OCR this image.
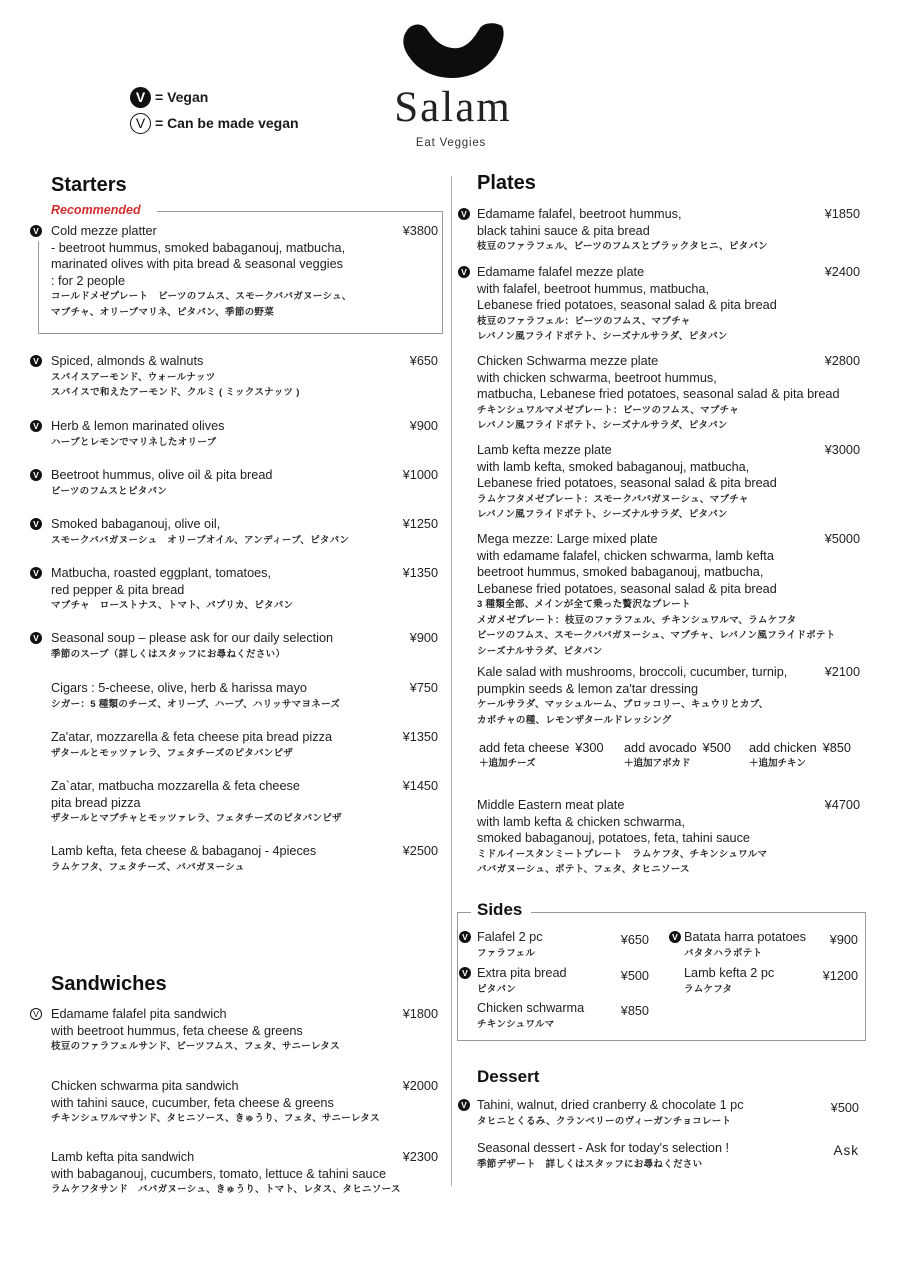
V = Vegan
V = Can be made vegan Salam
Eat Veggies
Starters
Recommended
V Cold mezze platter
- beetroot hummus, smoked babaganouj, matbucha,
marinated olives with pita bread & seasonal veggies
: for 2 people
コールドメゼプレート　ビーツのフムス、スモークババガヌーシュ、
マブチャ、オリーブマリネ、ピタパン、季節の野菜
¥3800
V Spiced, almonds & walnuts
スパイスアーモンド、ウォールナッツ
スパイスで和えたアーモンド、クルミ ( ミックスナッツ )
¥650
V Herb & lemon marinated olives
ハーブとレモンでマリネしたオリーブ
¥900
V Beetroot hummus, olive oil & pita bread
ビーツのフムスとピタパン
¥1000
V Smoked babaganouj, olive oil,
スモークババガヌーシュ　オリーブオイル、アンディーブ、ピタパン
¥1250
V Matbucha, roasted eggplant, tomatoes,
red pepper & pita bread
マブチャ　ローストナス、トマト、パプリカ、ピタパン
¥1350
V Seasonal soup – please ask for our daily selection
季節のスープ（詳しくはスタッフにお尋ねください）
¥900
Cigars : 5-cheese, olive, herb & harissa mayo
シガー：5 種類のチーズ、オリーブ、ハーブ、ハリッサマヨネーズ
¥750
Za'atar, mozzarella & feta cheese pita bread pizza
ザタールとモッツァレラ、フェタチーズのピタパンピザ
¥1350
Za`atar, matbucha mozzarella & feta cheese
pita bread pizza
ザタールとマブチャとモッツァレラ、フェタチーズのピタパンピザ
¥1450
Lamb kefta, feta cheese & babaganoj - 4pieces
ラムケフタ、フェタチーズ、ババガヌーシュ
¥2500
Sandwiches
V Edamame falafel pita sandwich
with beetroot hummus, feta cheese & greens
枝豆のファラフェルサンド、ビーツフムス、フェタ、サニーレタス
¥1800
Chicken schwarma pita sandwich
with tahini sauce, cucumber, feta cheese & greens
チキンシュワルマサンド、タヒニソース、きゅうり、フェタ、サニーレタス
¥2000
Lamb kefta pita sandwich
with babaganouj, cucumbers, tomato, lettuce & tahini sauce
ラムケフタサンド　ババガヌーシュ、きゅうり、トマト、レタス、タヒニソース
¥2300
Plates
V Edamame falafel, beetroot hummus,
black tahini sauce & pita bread
枝豆のファラフェル、ビーツのフムスとブラックタヒニ、ピタパン
¥1850
V Edamame falafel mezze plate
with falafel, beetroot hummus, matbucha,
Lebanese fried potatoes, seasonal salad & pita bread
枝豆のファラフェル：ビーツのフムス、マブチャ
レバノン風フライドポテト、シーズナルサラダ、ピタパン
¥2400
Chicken Schwarma mezze plate
with chicken schwarma, beetroot hummus,
matbucha, Lebanese fried potatoes, seasonal salad & pita bread
チキンシュワルマメゼプレート：ビーツのフムス、マブチャ
レバノン風フライドポテト、シーズナルサラダ、ピタパン
¥2800
Lamb kefta mezze plate
with lamb kefta, smoked babaganouj, matbucha,
Lebanese fried potatoes, seasonal salad & pita bread
ラムケフタメゼプレート：スモークババガヌーシュ、マブチャ
レバノン風フライドポテト、シーズナルサラダ、ピタパン
¥3000
Mega mezze: Large mixed plate
with edamame falafel, chicken schwarma, lamb kefta
beetroot hummus, smoked babaganouj, matbucha,
Lebanese fried potatoes, seasonal salad & pita bread
3 種類全部、メインが全て乗った贅沢なプレート
メガメゼプレート：枝豆のファラフェル、チキンシュワルマ、ラムケフタ
ビーツのフムス、スモークババガヌーシュ、マブチャ、レバノン風フライドポテト
シーズナルサラダ、ピタパン
¥5000
Kale salad with mushrooms, broccoli, cucumber, turnip,
pumpkin seeds & lemon za'tar dressing
ケールサラダ、マッシュルーム、ブロッコリー、キュウリとカブ、
カボチャの種、レモンザタールドレッシング
¥2100
Middle Eastern meat plate
with lamb kefta & chicken schwarma,
smoked babaganouj, potatoes, feta, tahini sauce
ミドルイースタンミートプレート　ラムケフタ、チキンシュワルマ
ババガヌーシュ、ポテト、フェタ、タヒニソース
¥4700
add feta cheese ¥300
＋追加チーズ
add avocado ¥500
＋追加アボカド
add chicken ¥850
＋追加チキン
Sides
V Falafel 2 pc
ファラフェル
¥650
V Extra pita bread
ピタパン
¥500
Chicken schwarma
チキンシュワルマ
¥850
V Batata harra potatoes
バタタハラポテト
¥900
Lamb kefta 2 pc
ラムケフタ
¥1200
Dessert
V Tahini, walnut, dried cranberry & chocolate 1 pc
タヒニとくるみ、クランベリーのヴィーガンチョコレート
¥500
Seasonal dessert - Ask for today's selection !
季節デザート　詳しくはスタッフにお尋ねください
Ask
